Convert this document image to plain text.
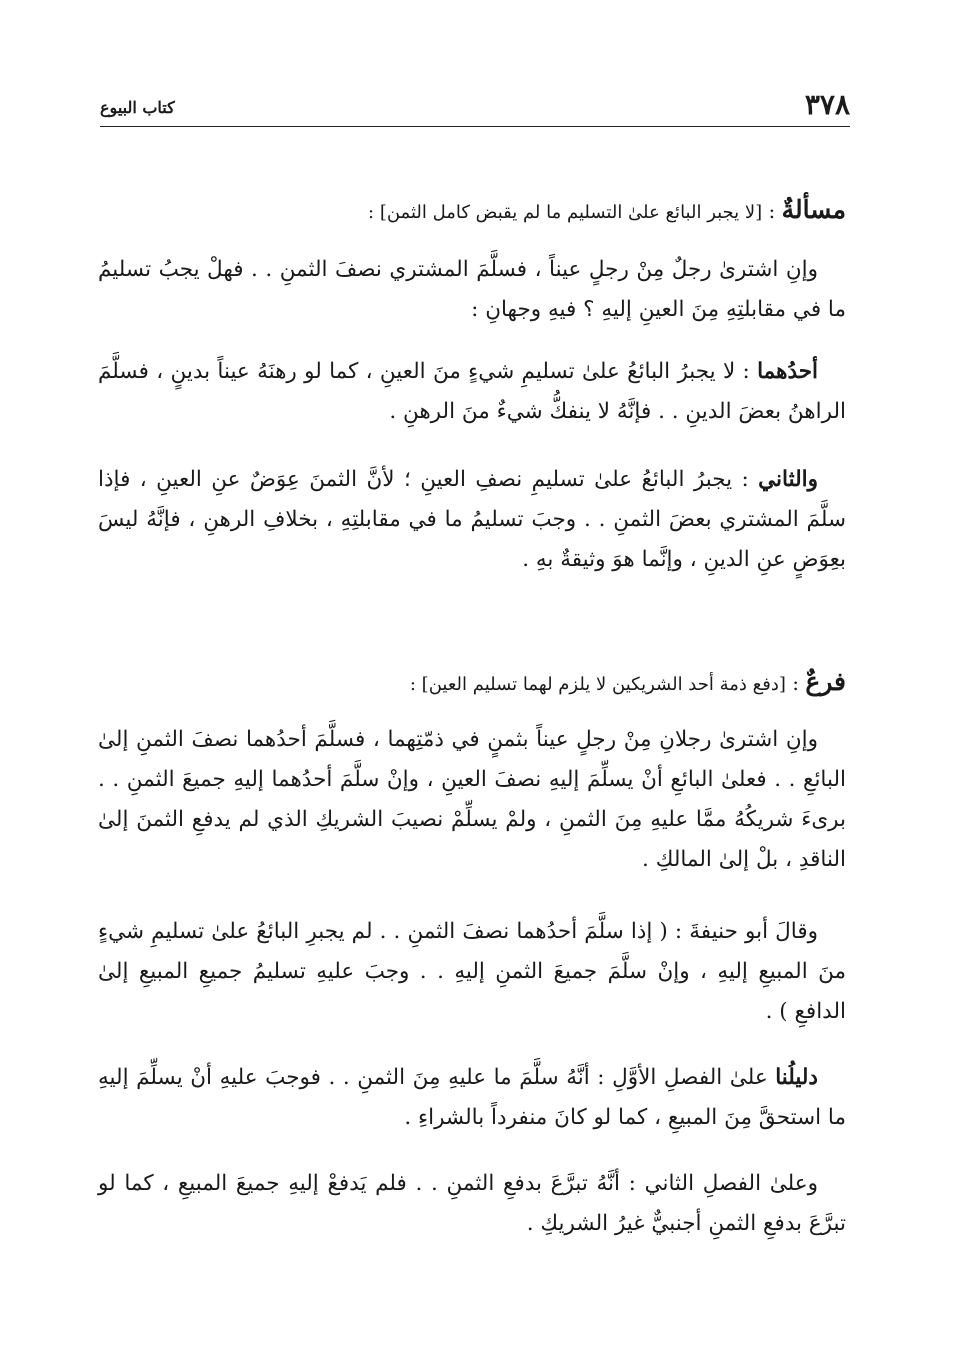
٣٧٨
كتاب البيوع

مسألةٌ : [لا يجبر البائع علىٰ التسليم ما لم يقبض كامل الثمن] :

وإنِ اشترىٰ رجلٌ مِنْ رجلٍ عيناً ، فسلَّمَ المشتري نصفَ الثمنِ . . فهلْ يجبُ تسليمُ ما في مقابلتِهِ مِنَ العينِ إليهِ ؟ فيهِ وجهانِ :

أحدُهما : لا يجبرُ البائعُ علىٰ تسليمِ شيءٍ منَ العينِ ، كما لو رهنَهُ عيناً بدينٍ ، فسلَّمَ الراهنُ بعضَ الدينِ . . فإنَّهُ لا ينفكُّ شيءٌ منَ الرهنِ .

والثاني : يجبرُ البائعُ علىٰ تسليمِ نصفِ العينِ ؛ لأنَّ الثمنَ عِوَضٌ عنِ العينِ ، فإذا سلَّمَ المشتري بعضَ الثمنِ . . وجبَ تسليمُ ما في مقابلتِهِ ، بخلافِ الرهنِ ، فإنَّهُ ليسَ بعِوَضٍ عنِ الدينِ ، وإنَّما هوَ وثيقةٌ بهِ .

فرعٌ : [دفع ذمة أحد الشريكين لا يلزم لهما تسليم العين] :

وإنِ اشترىٰ رجلانِ مِنْ رجلٍ عيناً بثمنٍ في ذمّتِهما ، فسلَّمَ أحدُهما نصفَ الثمنِ إلىٰ البائعِ . . فعلىٰ البائعِ أنْ يسلِّمَ إليهِ نصفَ العينِ ، وإنْ سلَّمَ أحدُهما إليهِ جميعَ الثمنِ . . برىءَ شريكُهُ ممَّا عليهِ مِنَ الثمنِ ، ولمْ يسلِّمْ نصيبَ الشريكِ الذي لم يدفعِ الثمنَ إلىٰ الناقدِ ، بلْ إلىٰ المالكِ .

وقالَ أبو حنيفةَ : ( إذا سلَّمَ أحدُهما نصفَ الثمنِ . . لم يجبرِ البائعُ علىٰ تسليمِ شيءٍ منَ المبيعِ إليهِ ، وإنْ سلَّمَ جميعَ الثمنِ إليهِ . . وجبَ عليهِ تسليمُ جميعِ المبيعِ إلىٰ الدافعِ ) .

دليلُنا علىٰ الفصلِ الأوَّلِ : أنَّهُ سلَّمَ ما عليهِ مِنَ الثمنِ . . فوجبَ عليهِ أنْ يسلِّمَ إليهِ ما استحقَّ مِنَ المبيعِ ، كما لو كانَ منفرداً بالشراءِ .

وعلىٰ الفصلِ الثاني : أنَّهُ تبرَّعَ بدفعِ الثمنِ . . فلم يَدفعْ إليهِ جميعَ المبيعِ ، كما لو تبرَّعَ بدفعِ الثمنِ أجنبيٌّ غيرُ الشريكِ .
